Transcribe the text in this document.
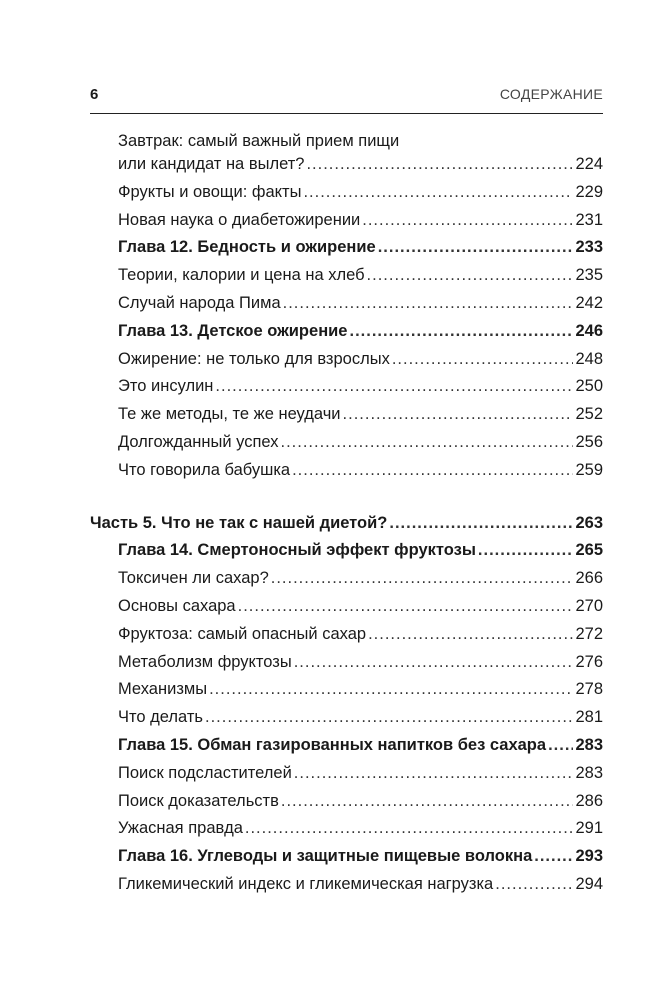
6	СОДЕРЖАНИЕ
Завтрак: самый важный прием пищи
или кандидат на вылет? .....	224
Фрукты и овощи: факты .....	229
Новая наука о диабетожирении .....	231
Глава 12. Бедность и ожирение .....	233
Теории, калории и цена на хлеб .....	235
Случай народа Пима .....	242
Глава 13. Детское ожирение .....	246
Ожирение: не только для взрослых .....	248
Это инсулин .....	250
Те же методы, те же неудачи .....	252
Долгожданный успех .....	256
Что говорила бабушка .....	259
Часть 5. Что не так с нашей диетой? .....	263
Глава 14. Смертоносный эффект фруктозы .....	265
Токсичен ли сахар? .....	266
Основы сахара .....	270
Фруктоза: самый опасный сахар .....	272
Метаболизм фруктозы .....	276
Механизмы .....	278
Что делать .....	281
Глава 15. Обман газированных напитков без сахара ..... 283
Поиск подсластителей .....	283
Поиск доказательств .....	286
Ужасная правда .....	291
Глава 16. Углеводы и защитные пищевые волокна .....	293
Гликемический индекс и гликемическая нагрузка .....	294
